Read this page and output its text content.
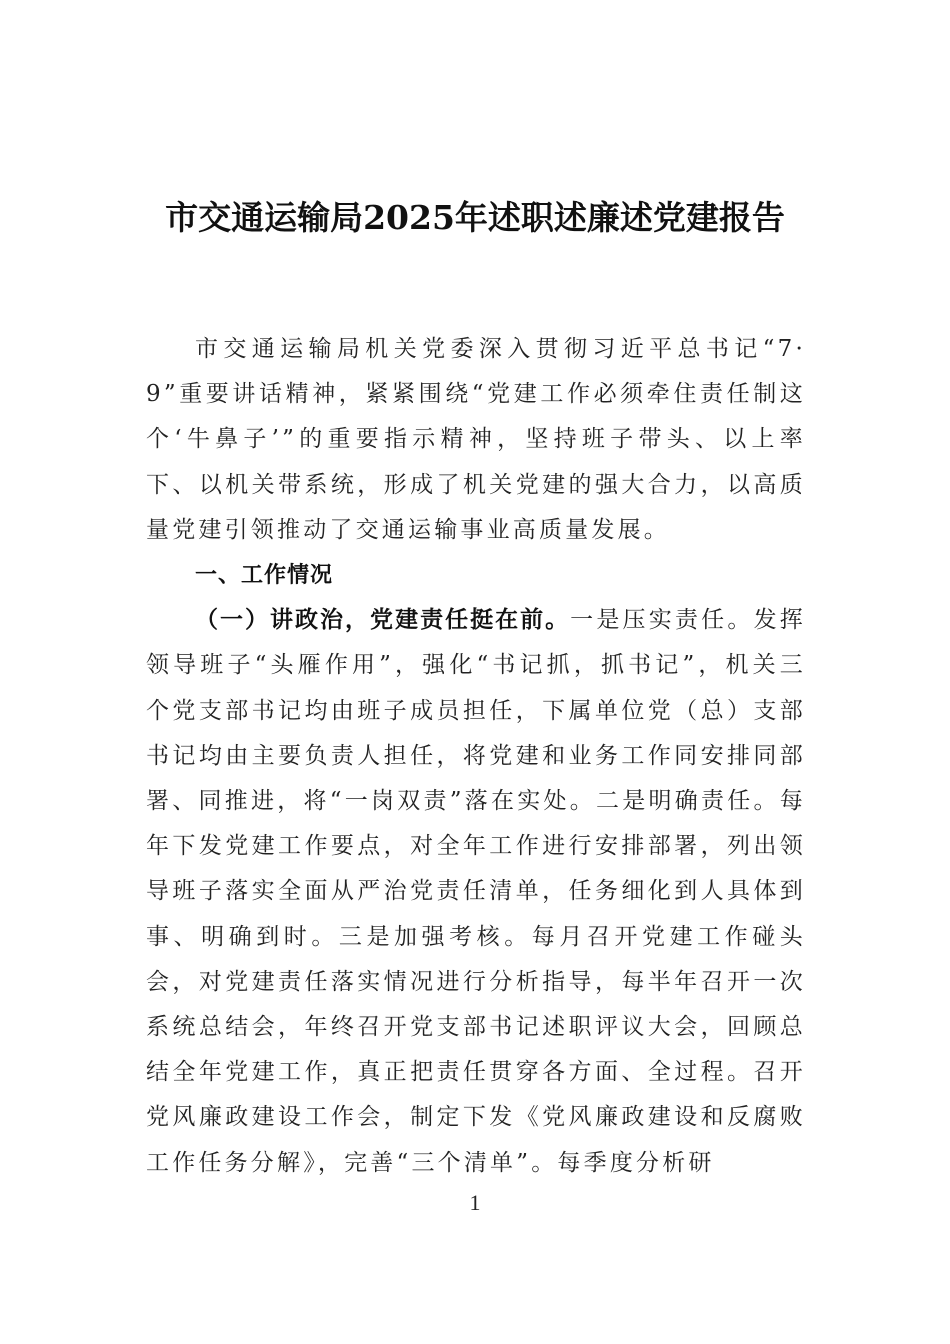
市交通运输局2025年述职述廉述党建报告

市交通运输局机关党委深入贯彻习近平总书记“7·9”重要讲话精神，紧紧围绕“党建工作必须牵住责任制这个‘牛鼻子’”的重要指示精神，坚持班子带头、以上率下、以机关带系统，形成了机关党建的强大合力，以高质量党建引领推动了交通运输事业高质量发展。

一、工作情况

（一）讲政治，党建责任挺在前。一是压实责任。发挥领导班子“头雁作用”，强化“书记抓，抓书记”，机关三个党支部书记均由班子成员担任，下属单位党（总）支部书记均由主要负责人担任，将党建和业务工作同安排同部署、同推进，将“一岗双责”落在实处。二是明确责任。每年下发党建工作要点，对全年工作进行安排部署，列出领导班子落实全面从严治党责任清单，任务细化到人具体到事、明确到时。三是加强考核。每月召开党建工作碰头会，对党建责任落实情况进行分析指导，每半年召开一次系统总结会，年终召开党支部书记述职评议大会，回顾总结全年党建工作，真正把责任贯穿各方面、全过程。召开党风廉政建设工作会，制定下发《党风廉政建设和反腐败工作任务分解》，完善“三个清单”。每季度分析研

1
